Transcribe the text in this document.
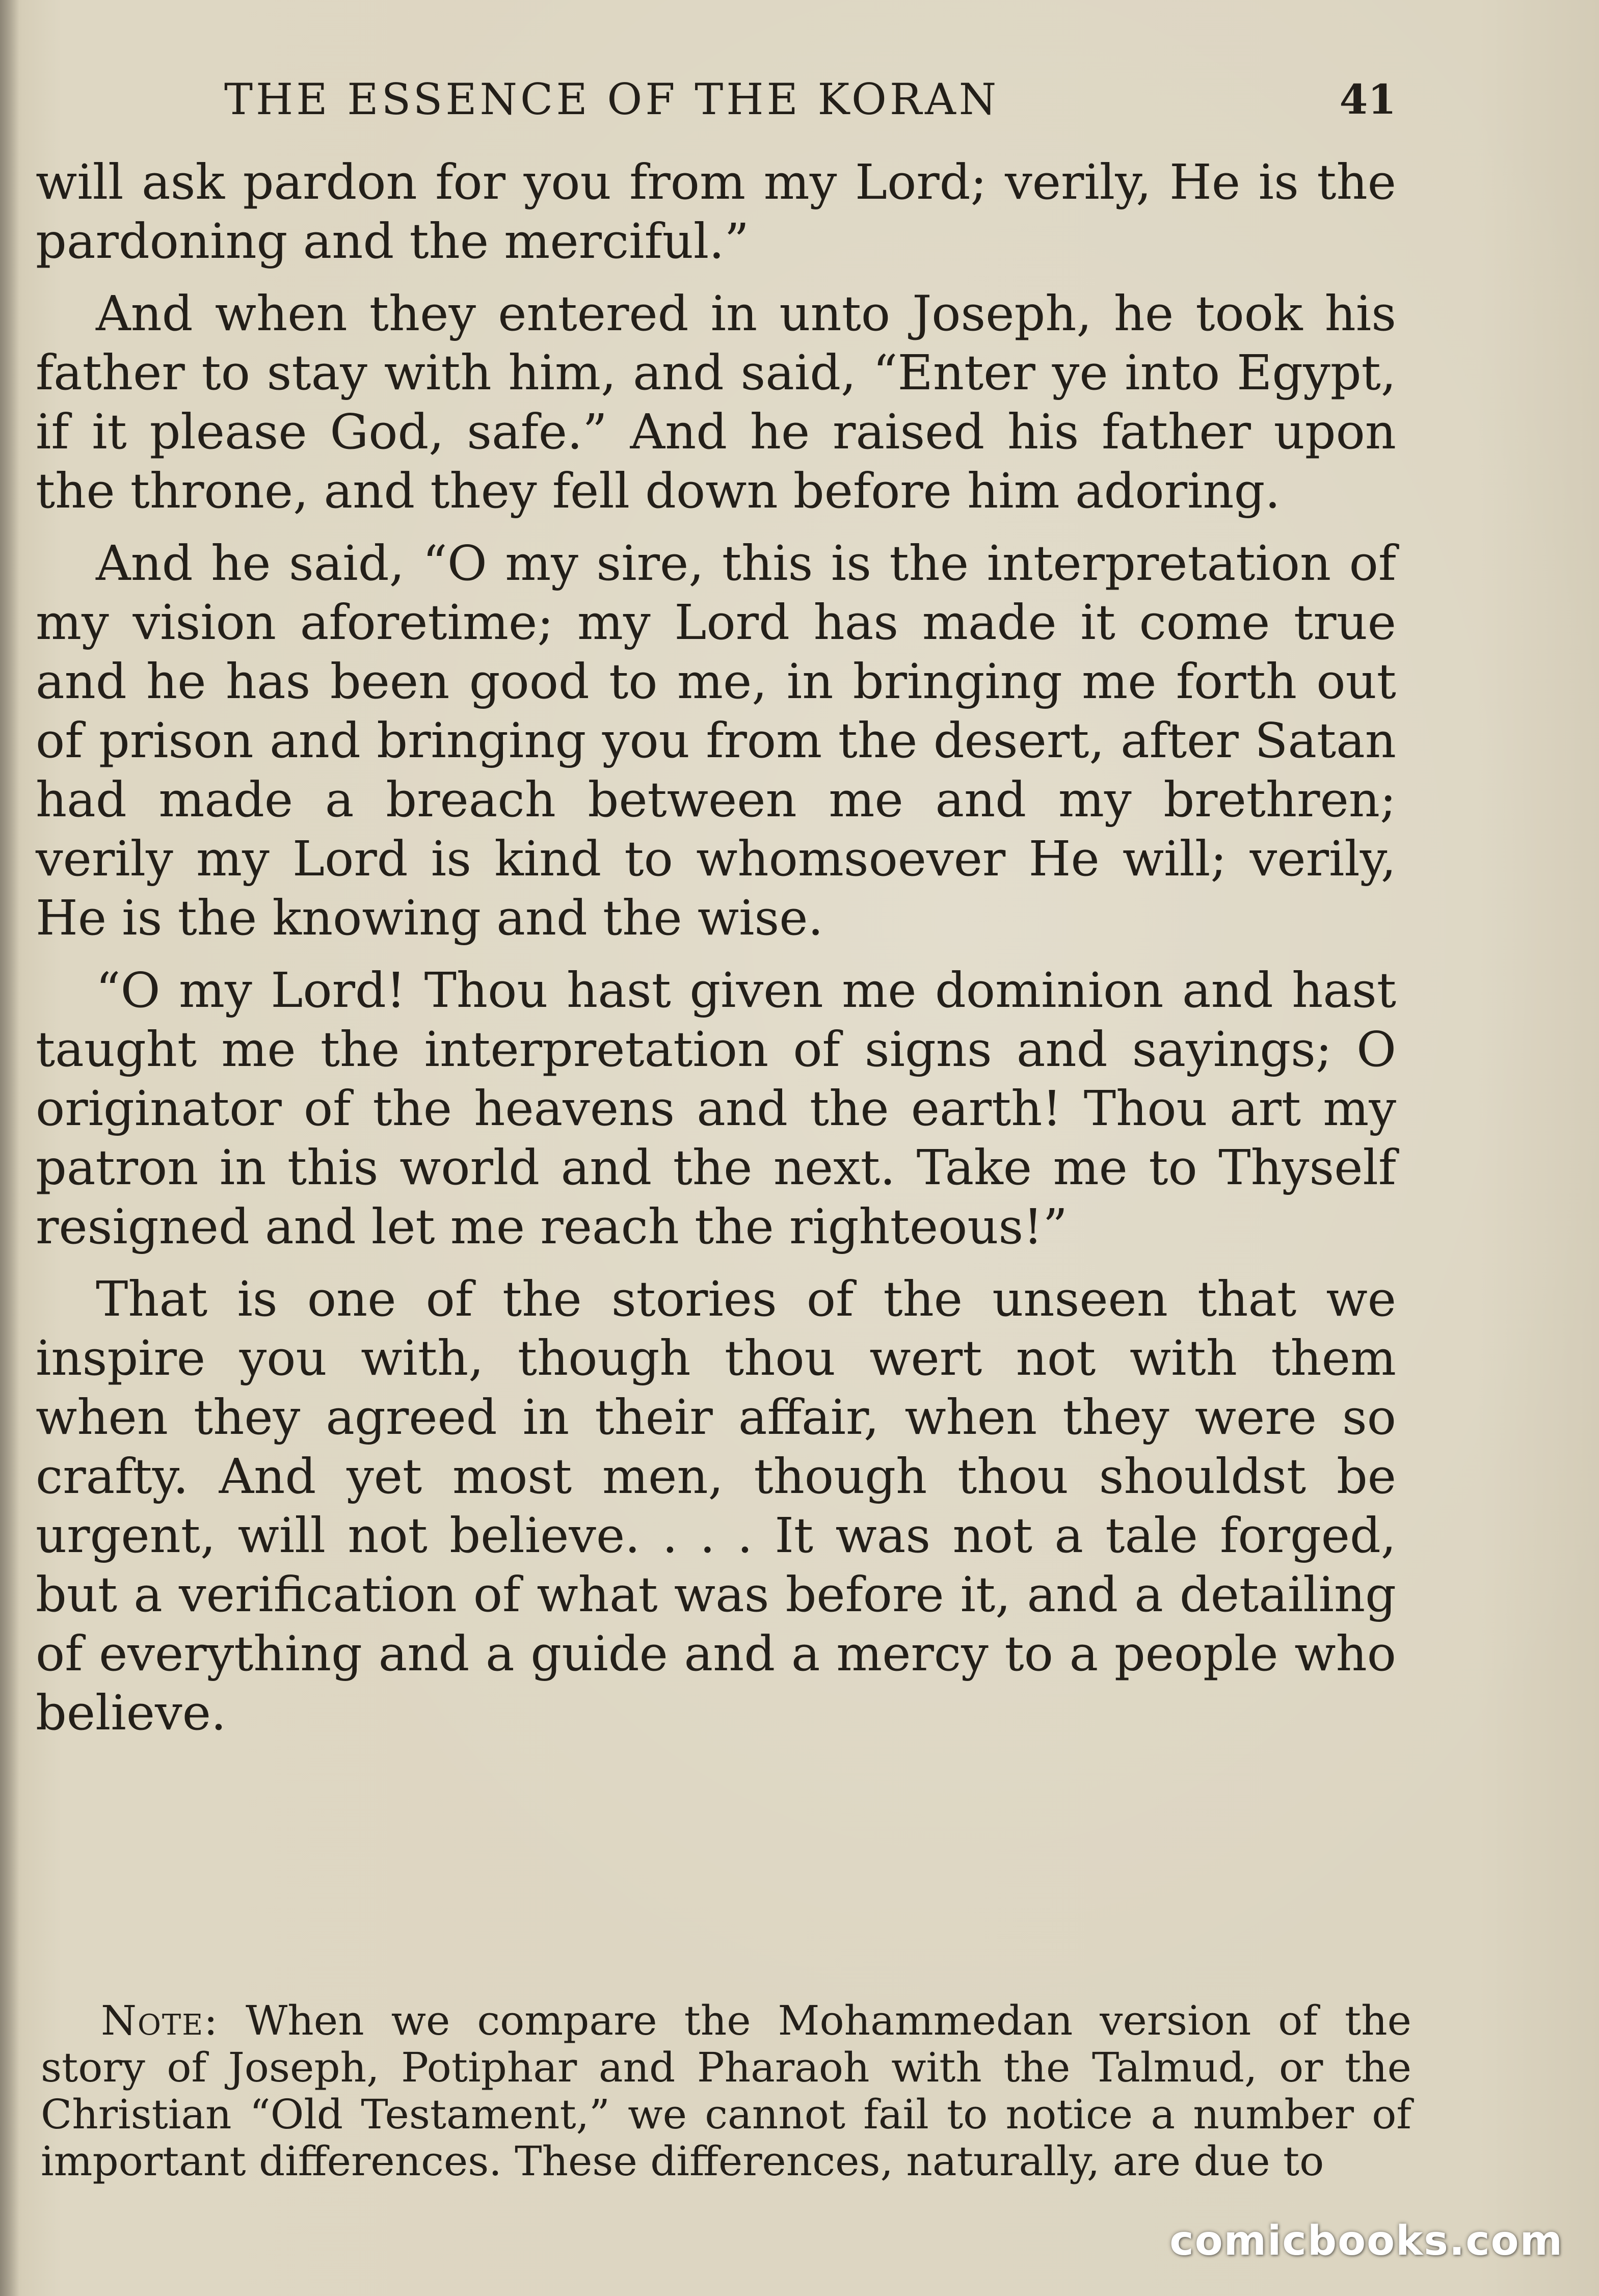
THE ESSENCE OF THE KORAN	41

will ask pardon for you from my Lord; verily, He is the pardoning and the merciful.”

And when they entered in unto Joseph, he took his father to stay with him, and said, “Enter ye into Egypt, if it please God, safe.” And he raised his father upon the throne, and they fell down before him adoring.

And he said, “O my sire, this is the interpretation of my vision aforetime; my Lord has made it come true and he has been good to me, in bringing me forth out of prison and bringing you from the desert, after Satan had made a breach between me and my brethren; verily my Lord is kind to whomsoever He will; verily, He is the knowing and the wise.

“O my Lord! Thou hast given me dominion and hast taught me the interpretation of signs and sayings; O originator of the heavens and the earth! Thou art my patron in this world and the next. Take me to Thyself resigned and let me reach the righteous!”

That is one of the stories of the unseen that we inspire you with, though thou wert not with them when they agreed in their affair, when they were so crafty. And yet most men, though thou shouldst be urgent, will not believe. . . . It was not a tale forged, but a verification of what was before it, and a detailing of everything and a guide and a mercy to a people who believe.

Note: When we compare the Mohammedan version of the story of Joseph, Potiphar and Pharaoh with the Talmud, or the Christian “Old Testament,” we cannot fail to notice a number of important differences. These differences, naturally, are due to

comicbooks.com
